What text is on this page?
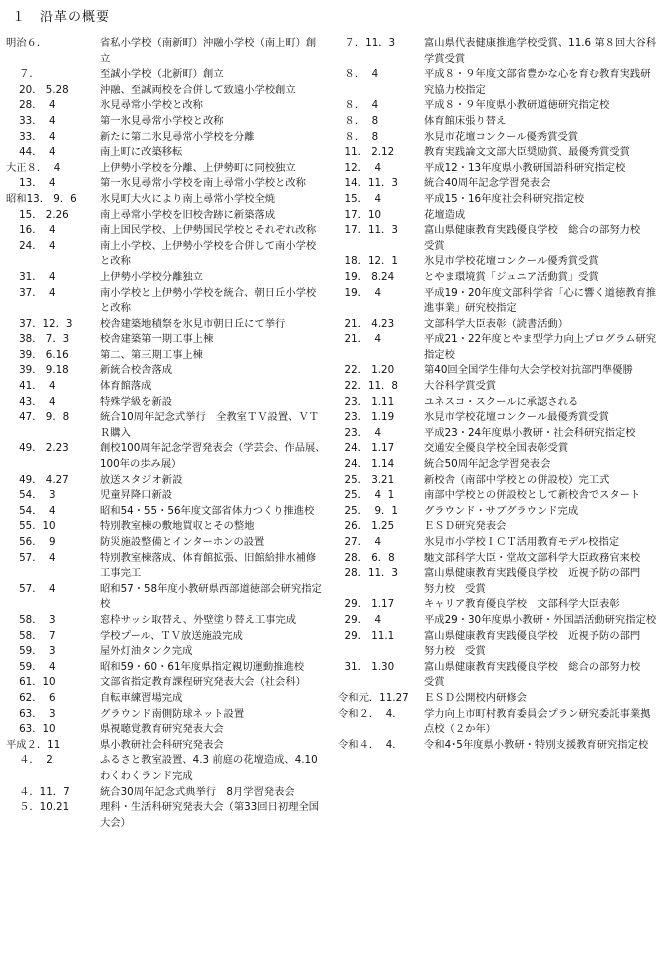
１　沿革の概要
明治６．	省私小学校（南新町）沖融小学校（南上町）創立
７．	至誠小学校（北新町）創立
20． 5.28	沖融、至誠両校を合併して致遠小学校創立
28．  4	氷見尋常小学校と改称
33．  4	第一氷見尋常小学校と改称
33．  4	新たに第二氷見尋常小学校を分離
44．  4	南上町に改築移転
大正８．  4	上伊勢小学校を分離、上伊勢町に同校独立
13．  4	第一氷見尋常小学校を南上尋常小学校と改称
昭和13． 9．6	氷見町大火により南上尋常小学校全焼
15． 2.26	南上尋常小学校を旧校舎跡に新築落成
16．  4	南上国民学校、上伊勢国民学校とそれぞれ改称
24．  4	南上小学校、上伊勢小学校を合併して南小学校と改称
31．  4	上伊勢小学校分離独立
37．  4	南小学校と上伊勢小学校を統合、朝日丘小学校と改称
37．12．3	校舎建築地積祭を氷見市朝日丘にて挙行
38． 7．3	校舎建築第一期工事上棟
39． 6.16	第二、第三期工事上棟
39． 9.18	新統合校舎落成
41．  4	体育館落成
43．  4	特殊学級を新設
47． 9．8	統合10周年記念式挙行　全教室ＴＶ設置、ＶＴＲ購入
49． 2.23	創校100周年記念学習発表会（学芸会、作品展、100年の歩み展）
49． 4.27	放送スタジオ新設
54．  3	児童昇降口新設
54．  4	昭和54・55・56年度文部省体力つくり推進校
55．10	特別教室棟の敷地買収とその整地
56．  9	防災施設整備とインターホンの設置
57．  4	特別教室棟落成、体育館拡張、旧館給排水補修工事完工
57．  4	昭和57・58年度小教研県西部道徳部会研究指定校
58．  3	窓枠サッシ取替え、外壁塗り替え工事完成
58．  7	学校プール、ＴＶ放送施設完成
59．  3	屋外灯油タンク完成
59．  4	昭和59・60・61年度県指定親切運動推進校
61．10	文部省指定教育課程研究発表大会（社会科）
62．  6	自転車練習場完成
63．  3	グラウンド南側防球ネット設置
63．10	県視聴覚教育研究発表大会
平成２．11	県小教研社会科研究発表会
４．  2	ふるさと教室設置、4.3 前庭の花壇造成、4.10 わくわくランド完成
４．11．7	統合30周年記念式典挙行　8月学習発表会
５．10.21	理科・生活科研究発表大会（第33回日初理全国大会）
７．11．3	富山県代表健康推進学校受賞、11.6 第８回大谷科学賞受賞
８．  4	平成８・９年度文部省豊かな心を育む教育実践研究協力校指定
８．  4	平成８・９年度県小教研道徳研究指定校
８．  8	体育館床張り替え
８．  8	氷見市花壇コンクール優秀賞受賞
11． 2.12	教育実践論文文部大臣奨励賞、最優秀賞受賞
12．  4	平成12・13年度県小教研国語科研究指定校
14．11．3	統合40周年記念学習発表会
15．  4	平成15・16年度社会科研究指定校
17．10	花壇造成
17．11．3	富山県健康教育実践優良学校　総合の部努力校　受賞
18．12．1	氷見市学校花壇コンクール優秀賞受賞
19． 8.24	とやま環境賞「ジュニア活動賞」受賞
19．  4	平成19・20年度文部科学省「心に響く道徳教育推進事業」研究校指定
21． 4.23	文部科学大臣表彰（読書活動）
21．  4	平成21・22年度とやま型学力向上プログラム研究指定校
22． 1.20	第40回全国学生俳句大会学校対抗部門準優勝
22．11．8	大谷科学賞受賞
23． 1.11	ユネスコ・スクールに承認される
23． 1.19	氷見市学校花壇コンクール最優秀賞受賞
23．  4	平成23・24年度県小教研・社会科研究指定校
24． 1.17	交通安全優良学校全国表彰受賞
24． 1.14	統合50周年記念学習発表会
25． 3.21	新校舎（南部中学校との併設校）完工式
25．  4  1	南部中学校との併設校として新校舎でスタート
25．  9．1	グラウンド・サブグラウンド完成
26． 1.25	ＥＳＤ研究発表会
27．  4	氷見市小学校ＩＣＴ活用教育モデル校指定
28． 6．8	馳文部科学大臣・堂故文部科学大臣政務官来校
28．11．3	富山県健康教育実践優良学校　近視予防の部門　努力校　受賞
29． 1.17	キャリア教育優良学校　文部科学大臣表彰
29．  4	平成29・30年度県小教研・外国語活動研究指定校
29． 11.1	富山県健康教育実践優良学校　近視予防の部門　努力校　受賞
31． 1.30	富山県健康教育実践優良学校　総合の部努力校　受賞
令和元．11.27	ＥＳＤ公開校内研修会
令和２．  4．	学力向上市町村教育委員会プラン研究委託事業拠点校（２か年）
令和４．  4．	令和4･5年度県小教研・特別支援教育研究指定校
